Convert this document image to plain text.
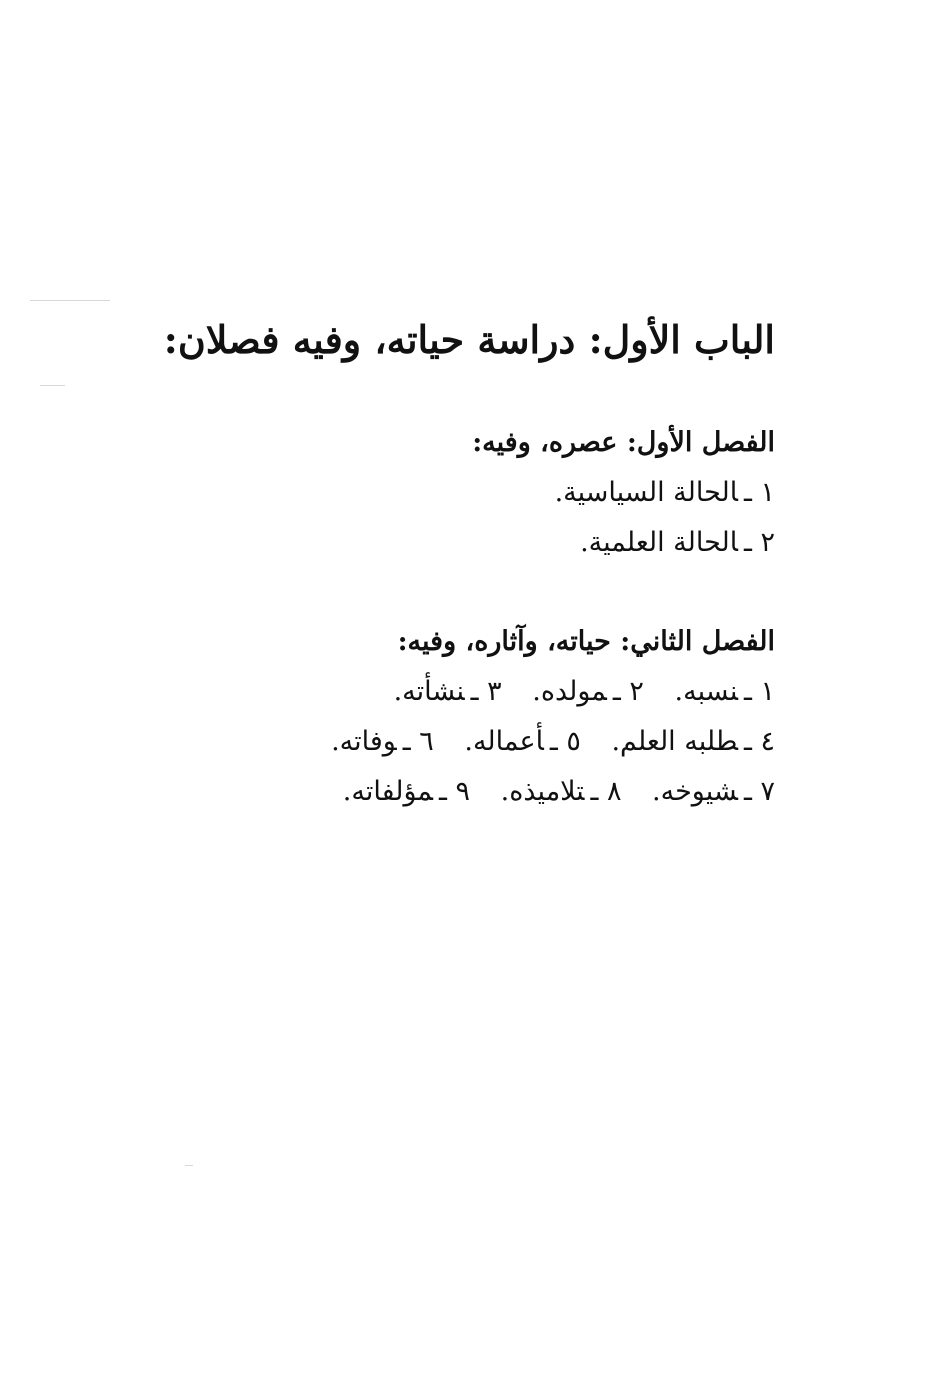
الباب الأول: دراسة حياته، وفيه فصلان:
الفصل الأول: عصره، وفيه:
١ ـالحالة السياسية.
٢ ـالحالة العلمية.
الفصل الثاني: حياته، وآثاره، وفيه:
١ ـنسبه. ٢ ـمولده. ٣ ـنشأته.
٤ ـطلبه العلم. ٥ ـأعماله. ٦ ـوفاته.
٧ ـشيوخه. ٨ ـتلاميذه. ٩ ـمؤلفاته.
